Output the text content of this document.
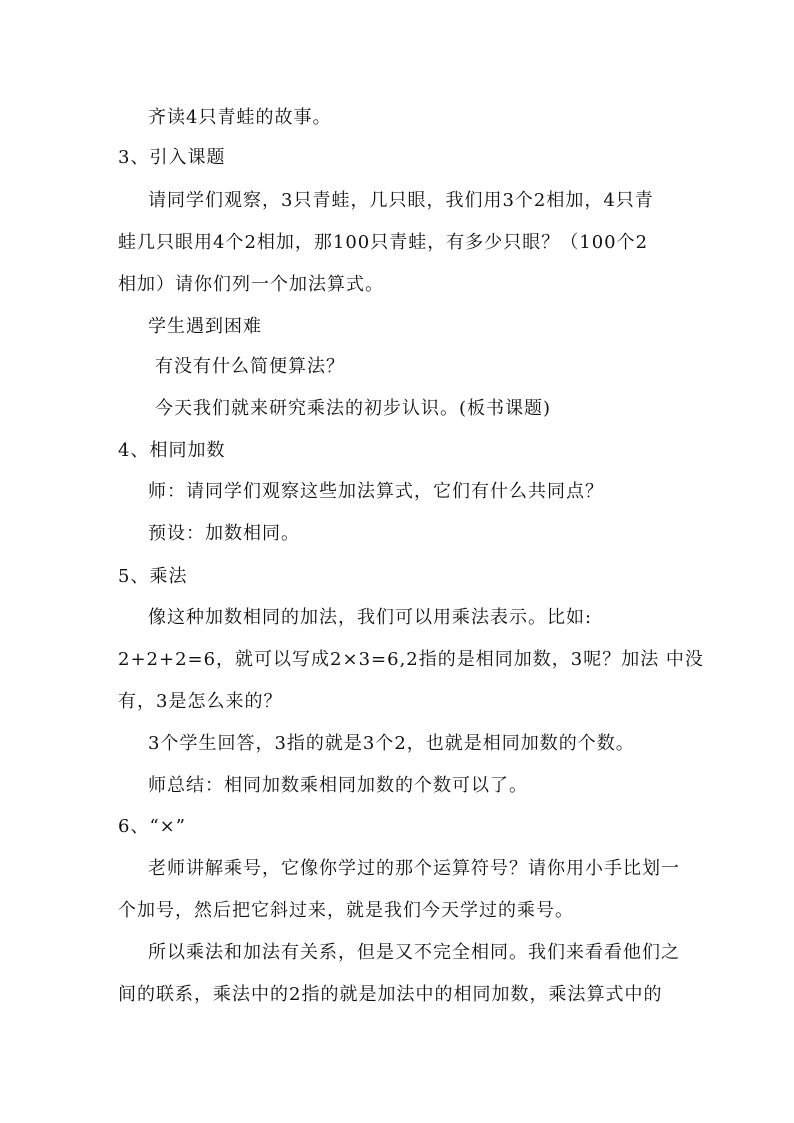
齐读4只青蛙的故事。
3、引入课题
请同学们观察，3只青蛙，几只眼，我们用3个2相加，4只青
蛙几只眼用4个2相加，那100只青蛙，有多少只眼？（100个2
相加）请你们列一个加法算式。
学生遇到困难
有没有什么简便算法？
今天我们就来研究乘法的初步认识。(板书课题)
4、相同加数
师：请同学们观察这些加法算式，它们有什么共同点？
预设：加数相同。
5、乘法
像这种加数相同的加法，我们可以用乘法表示。比如:
2+2+2=6，就可以写成2×3=6,2指的是相同加数，3呢？加法 中没
有，3是怎么来的？
3个学生回答，3指的就是3个2，也就是相同加数的个数。
师总结：相同加数乘相同加数的个数可以了。
6、“×”
老师讲解乘号，它像你学过的那个运算符号？请你用小手比划一
个加号，然后把它斜过来，就是我们今天学过的乘号。
所以乘法和加法有关系，但是又不完全相同。我们来看看他们之
间的联系，乘法中的2指的就是加法中的相同加数，乘法算式中的
